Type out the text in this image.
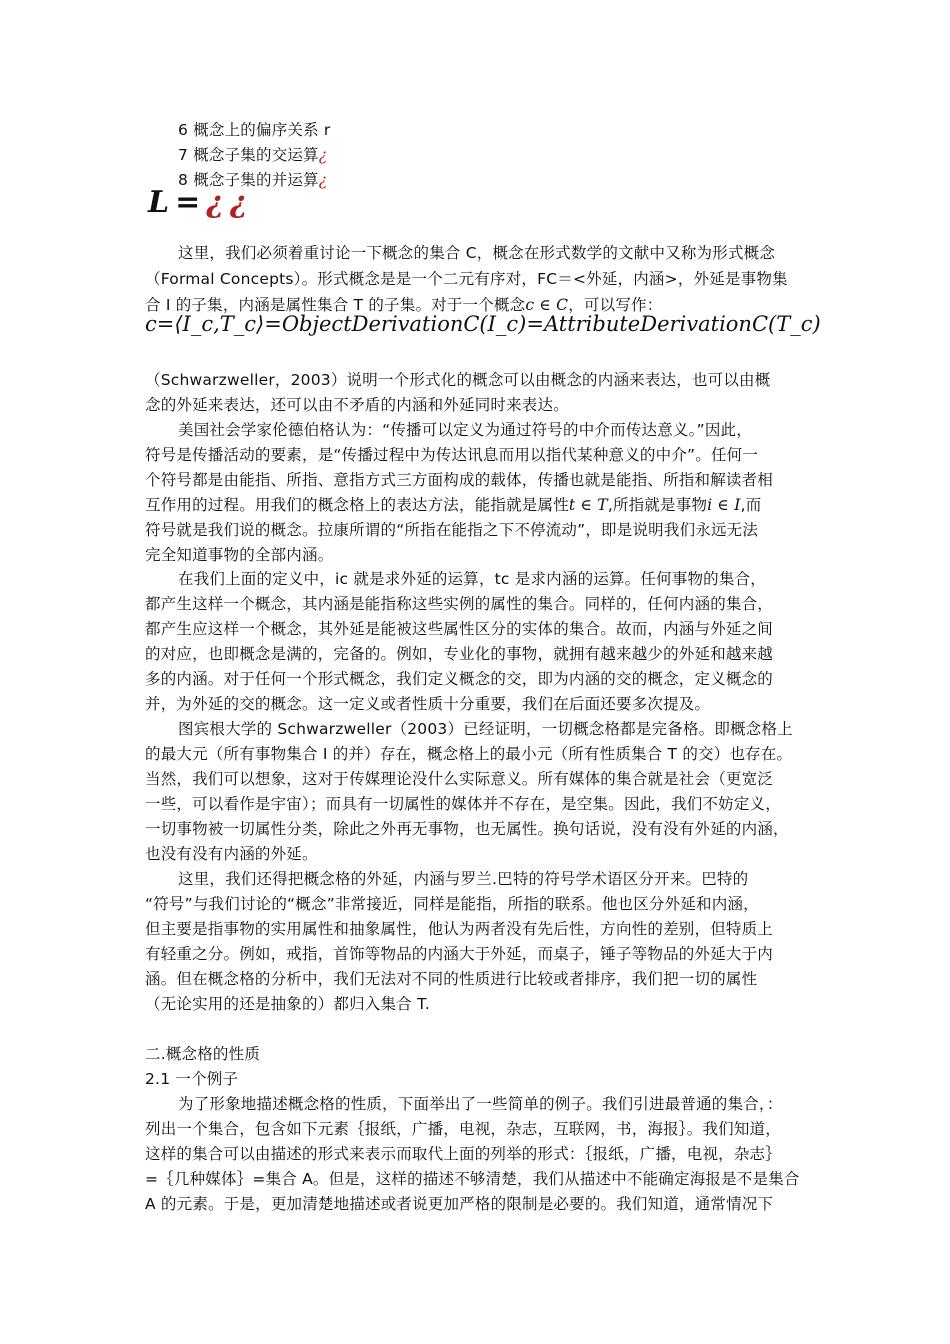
6 概念上的偏序关系 r
7 概念子集的交运算¿
8 概念子集的并运算¿
L=¿¿
这里，我们必须着重讨论一下概念的集合 C，概念在形式数学的文献中又称为形式概念
（Formal Concepts）。形式概念是是一个二元有序对，FC＝<外延，内涵>，外延是事物集
合 I 的子集，内涵是属性集合 T 的子集。对于一个概念c ∈ C，可以写作：
c=⟨I_c,T_c⟩=ObjectDerivationC(I_c)=AttributeDerivationC(T_c)
（Schwarzweller，2003）说明一个形式化的概念可以由概念的内涵来表达，也可以由概
念的外延来表达，还可以由不矛盾的内涵和外延同时来表达。
美国社会学家伦德伯格认为：“传播可以定义为通过符号的中介而传达意义。”因此，
符号是传播活动的要素，是“传播过程中为传达讯息而用以指代某种意义的中介”。任何一
个符号都是由能指、所指、意指方式三方面构成的载体，传播也就是能指、所指和解读者相
互作用的过程。用我们的概念格上的表达方法，能指就是属性t ∈ T,所指就是事物i ∈ I,而
符号就是我们说的概念。拉康所谓的“所指在能指之下不停流动”，即是说明我们永远无法
完全知道事物的全部内涵。
在我们上面的定义中，ic 就是求外延的运算，tc 是求内涵的运算。任何事物的集合，
都产生这样一个概念，其内涵是能指称这些实例的属性的集合。同样的，任何内涵的集合，
都产生应这样一个概念，其外延是能被这些属性区分的实体的集合。故而，内涵与外延之间
的对应，也即概念是满的，完备的。例如，专业化的事物，就拥有越来越少的外延和越来越
多的内涵。对于任何一个形式概念，我们定义概念的交，即为内涵的交的概念，定义概念的
并，为外延的交的概念。这一定义或者性质十分重要，我们在后面还要多次提及。
图宾根大学的 Schwarzweller（2003）已经证明，一切概念格都是完备格。即概念格上
的最大元（所有事物集合 I 的并）存在，概念格上的最小元（所有性质集合 T 的交）也存在。
当然，我们可以想象，这对于传媒理论没什么实际意义。所有媒体的集合就是社会（更宽泛
一些，可以看作是宇宙）；而具有一切属性的媒体并不存在，是空集。因此，我们不妨定义，
一切事物被一切属性分类，除此之外再无事物，也无属性。换句话说，没有没有外延的内涵，
也没有没有内涵的外延。
这里，我们还得把概念格的外延，内涵与罗兰.巴特的符号学术语区分开来。巴特的
“符号”与我们讨论的“概念”非常接近，同样是能指，所指的联系。他也区分外延和内涵，
但主要是指事物的实用属性和抽象属性，他认为两者没有先后性，方向性的差别，但特质上
有轻重之分。例如，戒指，首饰等物品的内涵大于外延，而桌子，锤子等物品的外延大于内
涵。但在概念格的分析中，我们无法对不同的性质进行比较或者排序，我们把一切的属性
（无论实用的还是抽象的）都归入集合 T.
二.概念格的性质
2.1 一个例子
为了形象地描述概念格的性质，下面举出了一些简单的例子。我们引进最普通的集合，：
列出一个集合，包含如下元素｛报纸，广播，电视，杂志，互联网，书，海报｝。我们知道，
这样的集合可以由描述的形式来表示而取代上面的列举的形式：｛报纸，广播，电视，杂志｝
=｛几种媒体｝=集合 A。但是，这样的描述不够清楚，我们从描述中不能确定海报是不是集合
A 的元素。于是，更加清楚地描述或者说更加严格的限制是必要的。我们知道，通常情况下
